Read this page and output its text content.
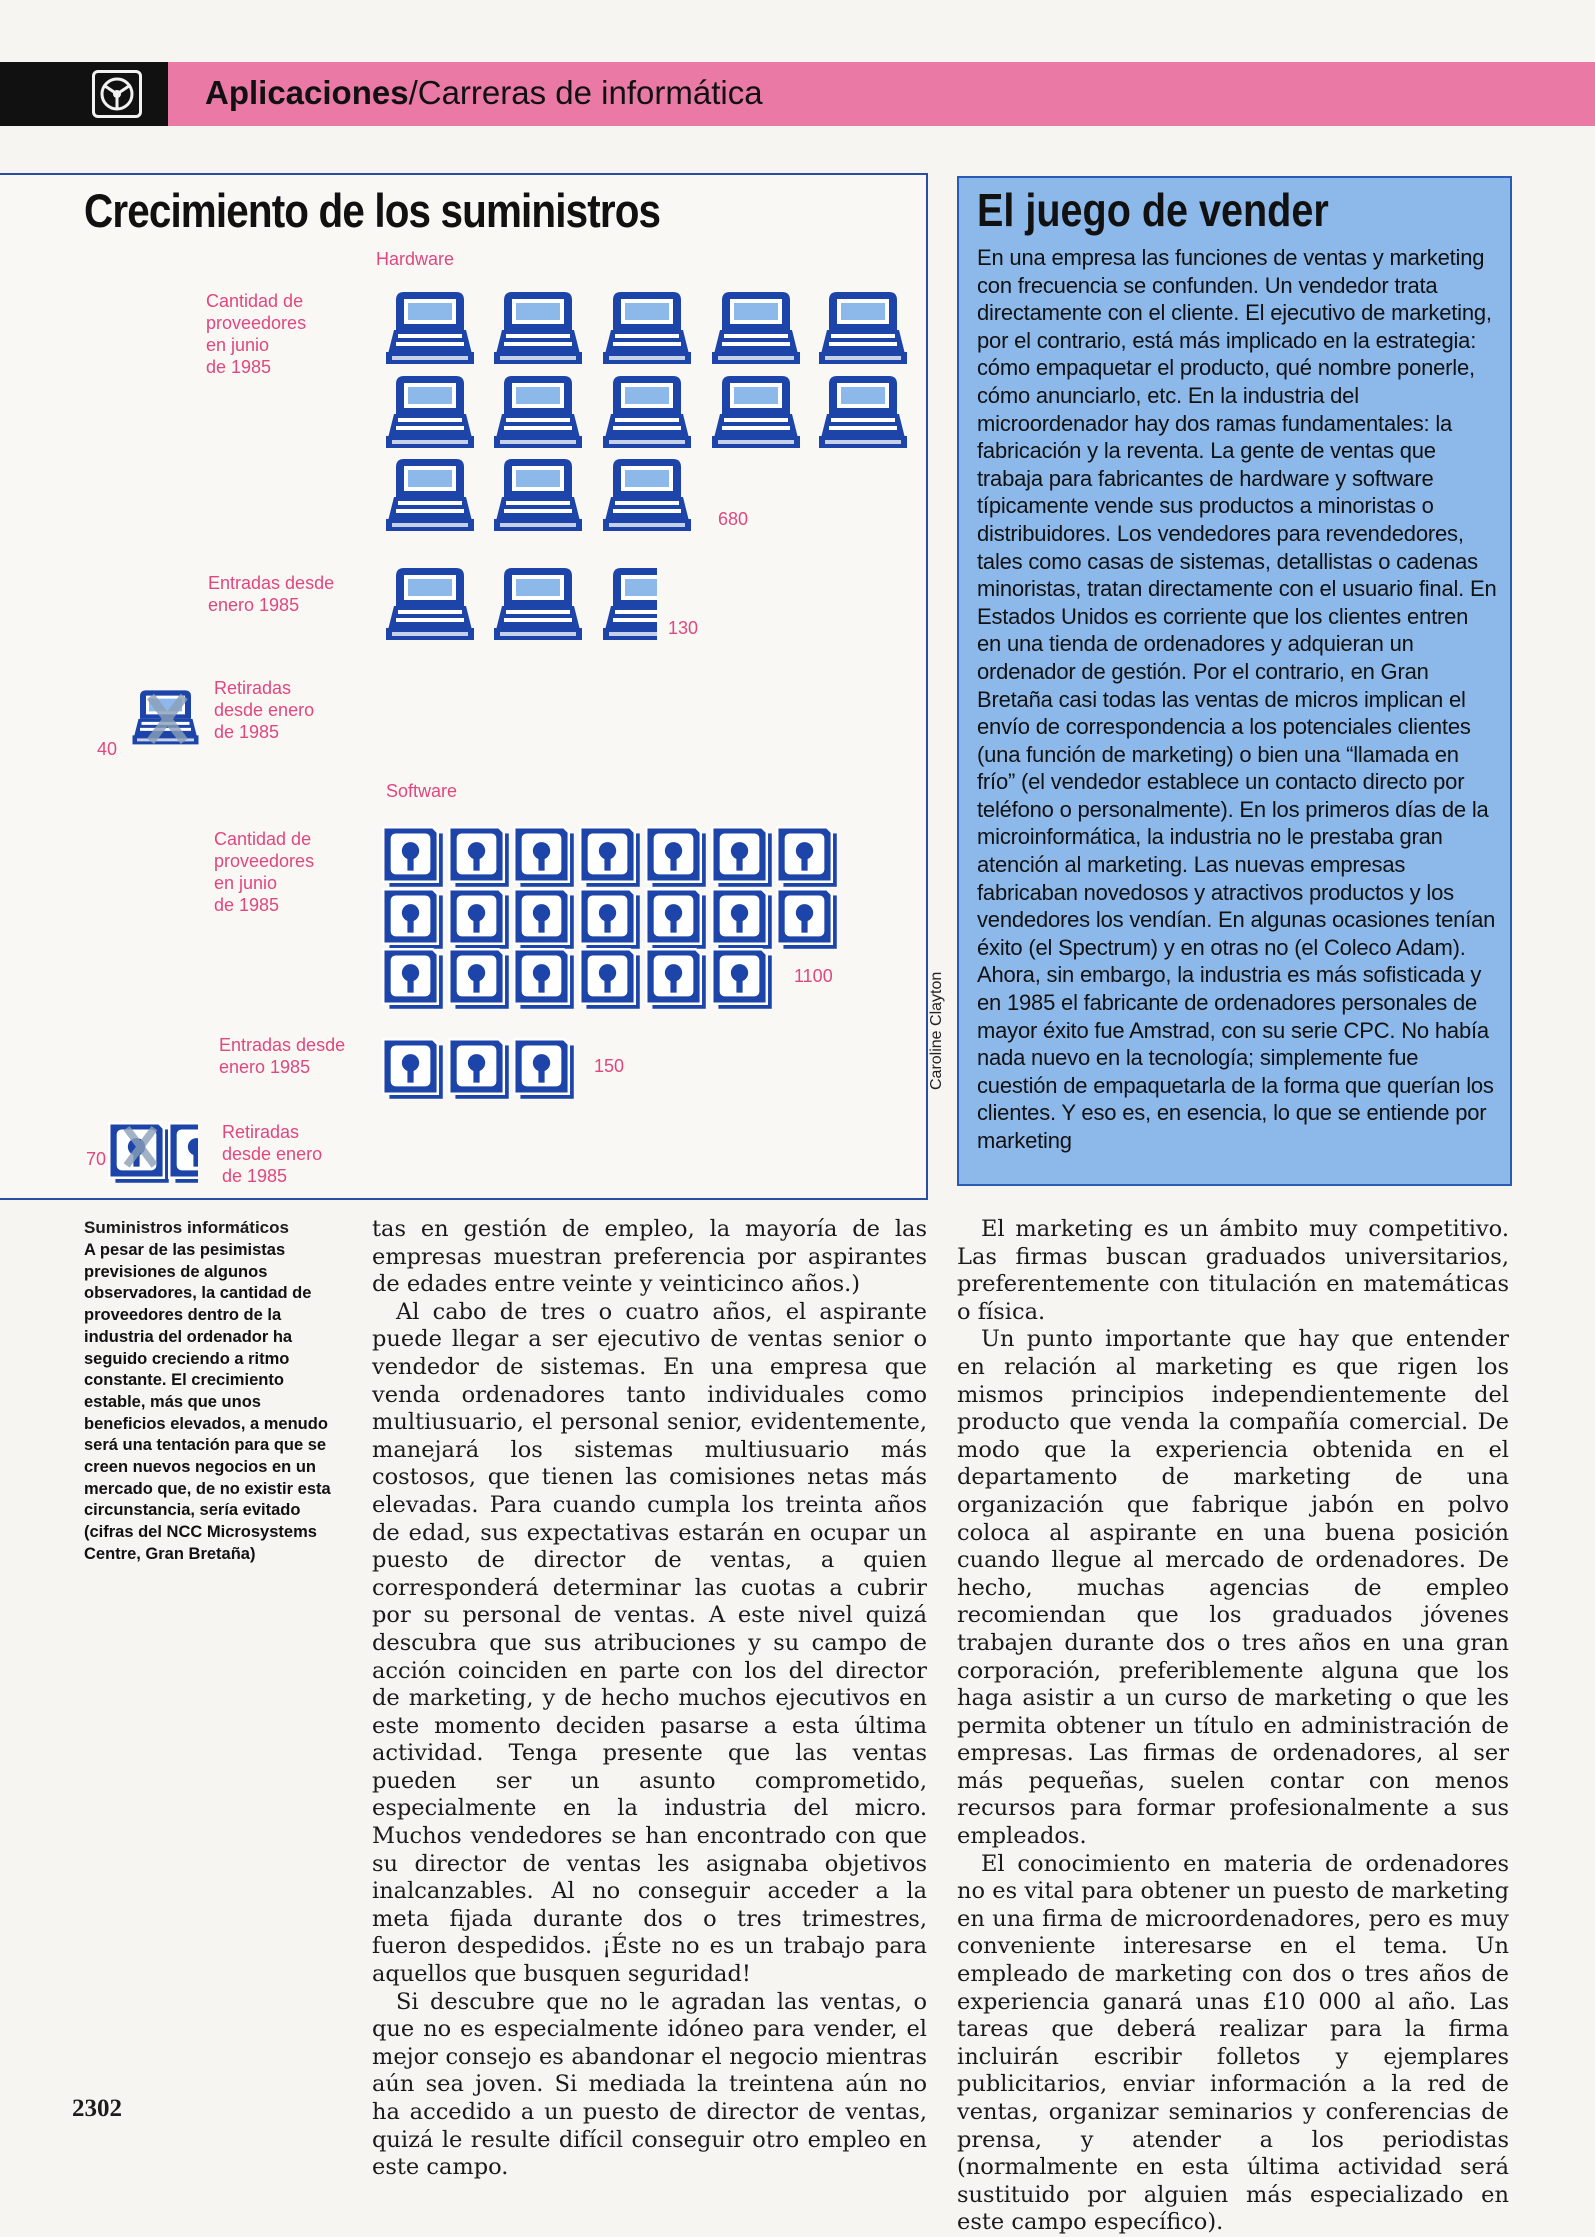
Aplicaciones/Carreras de informática
Crecimiento de los suministros
Hardware
Cantidad de
proveedores
en junio
de 1985
680
Entradas desde
enero 1985
130
Retiradas
desde enero
de 1985
40
Software
Cantidad de
proveedores
en junio
de 1985
1100
Entradas desde
enero 1985	150
Retiradas
desde enero
de 1985
70
Caroline Clayton
El juego de vender
En una empresa las funciones de ventas y marketing con frecuencia se confunden. Un vendedor trata directamente con el cliente. El ejecutivo de marketing, por el contrario, está más implicado en la estrategia: cómo empaquetar el producto, qué nombre ponerle, cómo anunciarlo, etc. En la industria del microordenador hay dos ramas fundamentales: la fabricación y la reventa. La gente de ventas que trabaja para fabricantes de hardware y software típicamente vende sus productos a minoristas o distribuidores. Los vendedores para revendedores, tales como casas de sistemas, detallistas o cadenas minoristas, tratan directamente con el usuario final. En Estados Unidos es corriente que los clientes entren en una tienda de ordenadores y adquieran un ordenador de gestión. Por el contrario, en Gran Bretaña casi todas las ventas de micros implican el envío de correspondencia a los potenciales clientes (una función de marketing) o bien una “llamada en frío” (el vendedor establece un contacto directo por teléfono o personalmente). En los primeros días de la microinformática, la industria no le prestaba gran atención al marketing. Las nuevas empresas fabricaban novedosos y atractivos productos y los vendedores los vendían. En algunas ocasiones tenían éxito (el Spectrum) y en otras no (el Coleco Adam). Ahora, sin embargo, la industria es más sofisticada y en 1985 el fabricante de ordenadores personales de mayor éxito fue Amstrad, con su serie CPC. No había nada nuevo en la tecnología; simplemente fue cuestión de empaquetarla de la forma que querían los clientes. Y eso es, en esencia, lo que se entiende por marketing
Suministros informáticos
A pesar de las pesimistas previsiones de algunos observadores, la cantidad de proveedores dentro de la industria del ordenador ha seguido creciendo a ritmo constante. El crecimiento estable, más que unos beneficios elevados, a menudo será una tentación para que se creen nuevos negocios en un mercado que, de no existir esta circunstancia, sería evitado (cifras del NCC Microsystems Centre, Gran Bretaña)

tas en gestión de empleo, la mayoría de las empresas muestran preferencia por aspirantes de edades entre veinte y veinticinco años.)

Al cabo de tres o cuatro años, el aspirante puede llegar a ser ejecutivo de ventas senior o vendedor de sistemas. En una empresa que venda ordenadores tanto individuales como multiusuario, el personal senior, evidentemente, manejará los sistemas multiusuario más costosos, que tienen las comisiones netas más elevadas. Para cuando cumpla los treinta años de edad, sus expectativas estarán en ocupar un puesto de director de ventas, a quien corresponderá determinar las cuotas a cubrir por su personal de ventas. A este nivel quizá descubra que sus atribuciones y su campo de acción coinciden en parte con los del director de marketing, y de hecho muchos ejecutivos en este momento deciden pasarse a esta última actividad. Tenga presente que las ventas pueden ser un asunto comprometido, especialmente en la industria del micro. Muchos vendedores se han encontrado con que su director de ventas les asignaba objetivos inalcanzables. Al no conseguir acceder a la meta fijada durante dos o tres trimestres, fueron despedidos. ¡Éste no es un trabajo para aquellos que busquen seguridad!

Si descubre que no le agradan las ventas, o que no es especialmente idóneo para vender, el mejor consejo es abandonar el negocio mientras aún sea joven. Si mediada la treintena aún no ha accedido a un puesto de director de ventas, quizá le resulte difícil conseguir otro empleo en este campo.

El marketing es un ámbito muy competitivo. Las firmas buscan graduados universitarios, preferentemente con titulación en matemáticas o física.

Un punto importante que hay que entender en relación al marketing es que rigen los mismos principios independientemente del producto que venda la compañía comercial. De modo que la experiencia obtenida en el departamento de marketing de una organización que fabrique jabón en polvo coloca al aspirante en una buena posición cuando llegue al mercado de ordenadores. De hecho, muchas agencias de empleo recomiendan que los graduados jóvenes trabajen durante dos o tres años en una gran corporación, preferiblemente alguna que los haga asistir a un curso de marketing o que les permita obtener un título en administración de empresas. Las firmas de ordenadores, al ser más pequeñas, suelen contar con menos recursos para formar profesionalmente a sus empleados.

El conocimiento en materia de ordenadores no es vital para obtener un puesto de marketing en una firma de microordenadores, pero es muy conveniente interesarse en el tema. Un empleado de marketing con dos o tres años de experiencia ganará unas £10 000 al año. Las tareas que deberá realizar para la firma incluirán escribir folletos y ejemplares publicitarios, enviar información a la red de ventas, organizar seminarios y conferencias de prensa, y atender a los periodistas (normalmente en esta última actividad será sustituido por alguien más especializado en este campo específico).

2302
